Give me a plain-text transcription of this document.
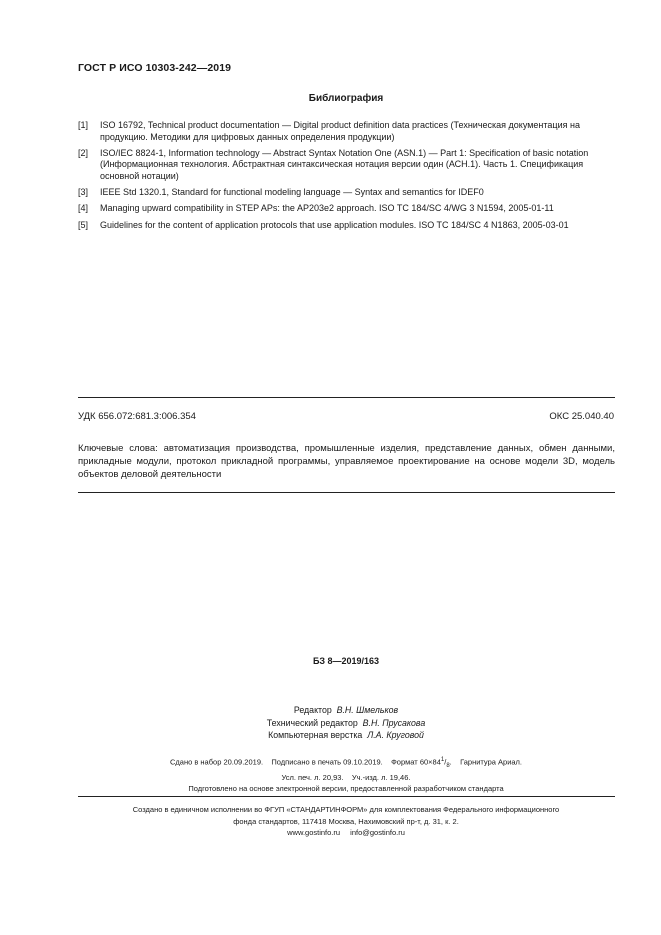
ГОСТ Р ИСО 10303-242—2019
Библиография
[1]	ISO 16792, Technical product documentation — Digital product definition data practices (Техническая документация на продукцию. Методики для цифровых данных определения продукции)
[2]	ISO/IEC 8824-1, Information technology — Abstract Syntax Notation One (ASN.1) — Part 1: Specification of basic notation (Информационная технология. Абстрактная синтаксическая нотация версии один (АСН.1). Часть 1. Спецификация основной нотации)
[3]	IEEE Std 1320.1, Standard for functional modeling language — Syntax and semantics for IDEF0
[4]	Managing upward compatibility in STEP APs: the AP203e2 approach. ISO TC 184/SC 4/WG 3 N1594, 2005-01-11
[5]	Guidelines for the content of application protocols that use application modules. ISO TC 184/SC 4 N1863, 2005-03-01
УДК 656.072:681.3:006.354	ОКС 25.040.40
Ключевые слова: автоматизация производства, промышленные изделия, представление данных, обмен данными, прикладные модули, протокол прикладной программы, управляемое проектирование на основе модели 3D, модель объектов деловой деятельности
БЗ 8—2019/163
Редактор В.Н. Шмельков
Технический редактор В.Н. Прусакова
Компьютерная верстка Л.А. Круговой
Сдано в набор 20.09.2019.    Подписано в печать 09.10.2019.    Формат $60\times 84^1/_8$.    Гарнитура Ариал.
Усл. печ. л. 20,93.    Уч.-изд. л. 19,46.
Подготовлено на основе электронной версии, предоставленной разработчиком стандарта
Создано в единичном исполнении во ФГУП «СТАНДАРТИНФОРМ» для комплектования Федерального информационного
фонда стандартов, 117418 Москва, Нахимовский пр-т, д. 31, к. 2.
www.gostinfo.ru info@gostinfo.ru
